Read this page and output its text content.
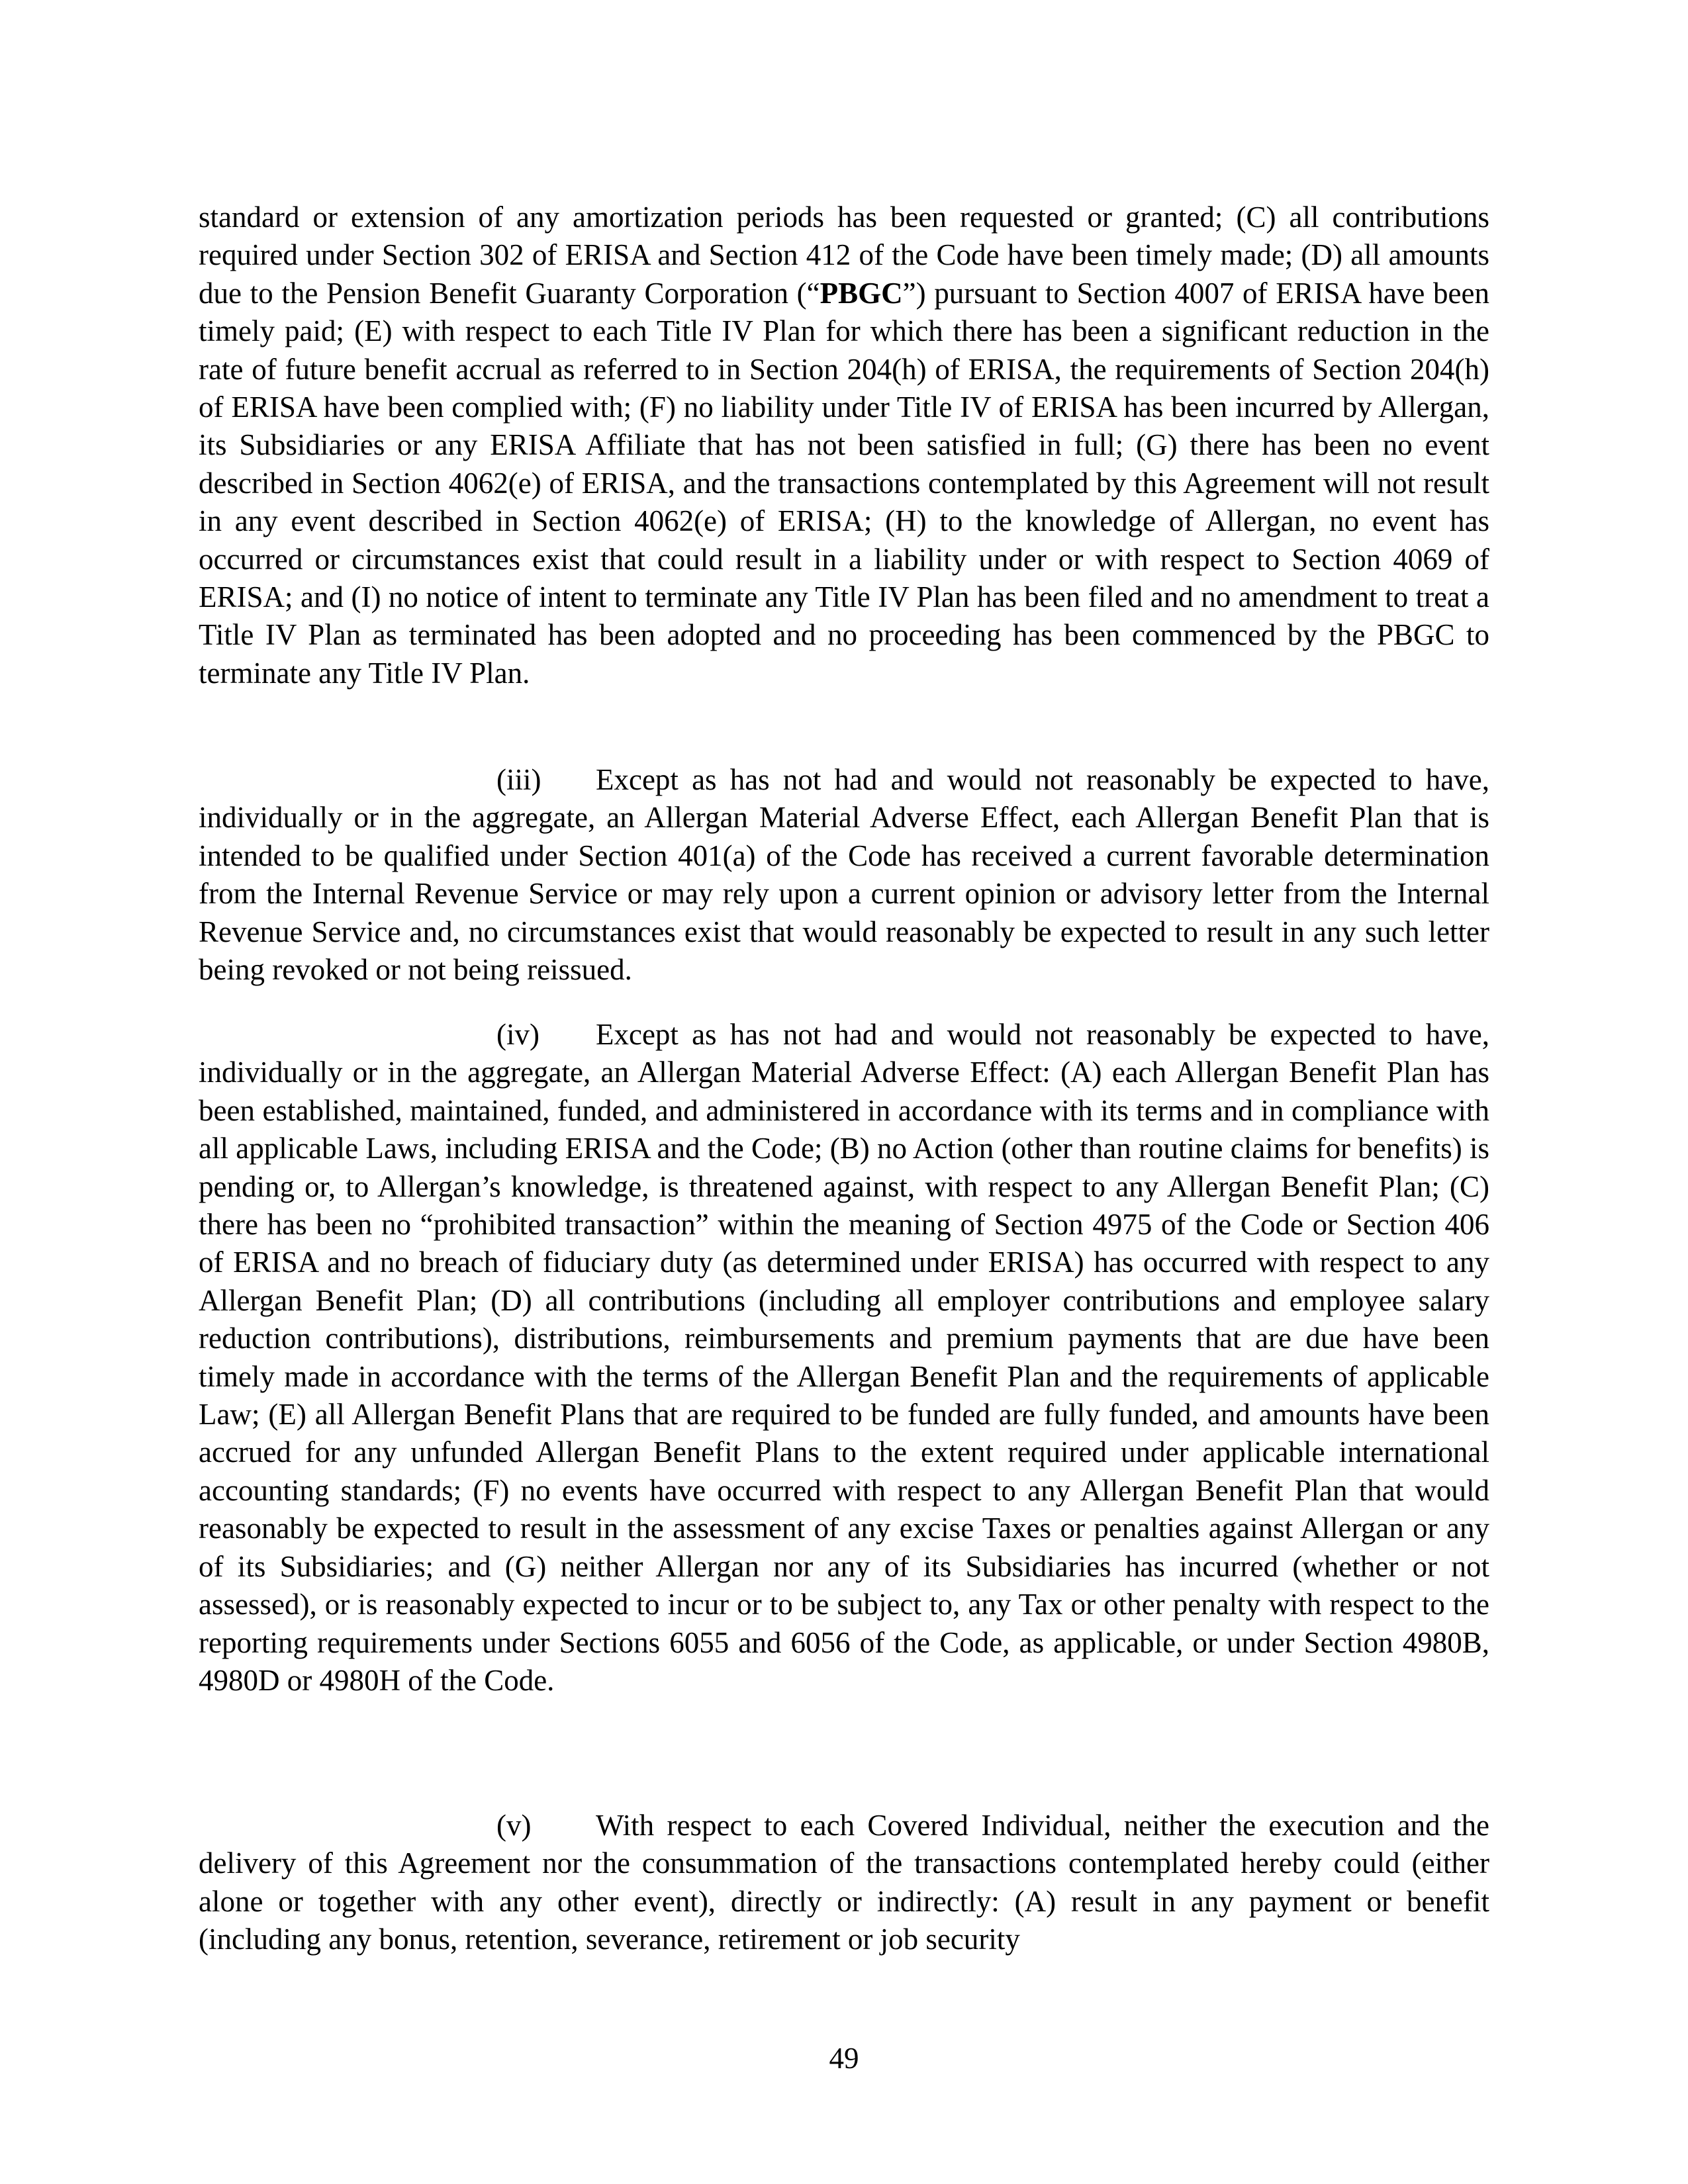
standard or extension of any amortization periods has been requested or granted; (C) all contributions required under Section 302 of ERISA and Section 412 of the Code have been timely made; (D) all amounts due to the Pension Benefit Guaranty Corporation (“PBGC”) pursuant to Section 4007 of ERISA have been timely paid; (E) with respect to each Title IV Plan for which there has been a significant reduction in the rate of future benefit accrual as referred to in Section 204(h) of ERISA, the requirements of Section 204(h) of ERISA have been complied with; (F) no liability under Title IV of ERISA has been incurred by Allergan, its Subsidiaries or any ERISA Affiliate that has not been satisfied in full; (G) there has been no event described in Section 4062(e) of ERISA, and the transactions contemplated by this Agreement will not result in any event described in Section 4062(e) of ERISA; (H) to the knowledge of Allergan, no event has occurred or circumstances exist that could result in a liability under or with respect to Section 4069 of ERISA; and (I) no notice of intent to terminate any Title IV Plan has been filed and no amendment to treat a Title IV Plan as terminated has been adopted and no proceeding has been commenced by the PBGC to terminate any Title IV Plan.

(iii) Except as has not had and would not reasonably be expected to have, individually or in the aggregate, an Allergan Material Adverse Effect, each Allergan Benefit Plan that is intended to be qualified under Section 401(a) of the Code has received a current favorable determination from the Internal Revenue Service or may rely upon a current opinion or advisory letter from the Internal Revenue Service and, no circumstances exist that would reasonably be expected to result in any such letter being revoked or not being reissued.

(iv) Except as has not had and would not reasonably be expected to have, individually or in the aggregate, an Allergan Material Adverse Effect: (A) each Allergan Benefit Plan has been established, maintained, funded, and administered in accordance with its terms and in compliance with all applicable Laws, including ERISA and the Code; (B) no Action (other than routine claims for benefits) is pending or, to Allergan’s knowledge, is threatened against, with respect to any Allergan Benefit Plan; (C) there has been no “prohibited transaction” within the meaning of Section 4975 of the Code or Section 406 of ERISA and no breach of fiduciary duty (as determined under ERISA) has occurred with respect to any Allergan Benefit Plan; (D) all contributions (including all employer contributions and employee salary reduction contributions), distributions, reimbursements and premium payments that are due have been timely made in accordance with the terms of the Allergan Benefit Plan and the requirements of applicable Law; (E) all Allergan Benefit Plans that are required to be funded are fully funded, and amounts have been accrued for any unfunded Allergan Benefit Plans to the extent required under applicable international accounting standards; (F) no events have occurred with respect to any Allergan Benefit Plan that would reasonably be expected to result in the assessment of any excise Taxes or penalties against Allergan or any of its Subsidiaries; and (G) neither Allergan nor any of its Subsidiaries has incurred (whether or not assessed), or is reasonably expected to incur or to be subject to, any Tax or other penalty with respect to the reporting requirements under Sections 6055 and 6056 of the Code, as applicable, or under Section 4980B, 4980D or 4980H of the Code.

(v) With respect to each Covered Individual, neither the execution and the delivery of this Agreement nor the consummation of the transactions contemplated hereby could (either alone or together with any other event), directly or indirectly: (A) result in any payment or benefit (including any bonus, retention, severance, retirement or job security

49
